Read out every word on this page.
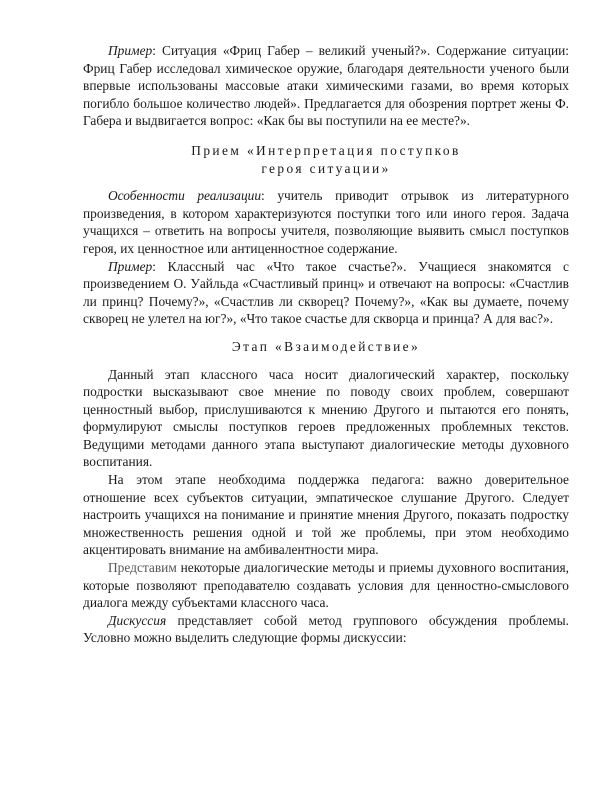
Пример: Ситуация «Фриц Габер – великий ученый?». Содержание ситуации: Фриц Габер исследовал химическое оружие, благодаря деятельности ученого были впервые использованы массовые атаки химическими газами, во время которых погибло большое количество людей». Предлагается для обозрения портрет жены Ф. Габера и выдвигается вопрос: «Как бы вы поступили на ее месте?».

Прием «Интерпретация поступков
героя ситуации»

Особенности реализации: учитель приводит отрывок из литературного произведения, в котором характеризуются поступки того или иного героя. Задача учащихся – ответить на вопросы учителя, позволяющие выявить смысл поступков героя, их ценностное или антиценностное содержание.

Пример: Классный час «Что такое счастье?». Учащиеся знакомятся с произведением О. Уайльда «Счастливый принц» и отвечают на вопросы: «Счастлив ли принц? Почему?», «Счастлив ли скворец? Почему?», «Как вы думаете, почему скворец не улетел на юг?», «Что такое счастье для скворца и принца? А для вас?».

Этап «Взаимодействие»

Данный этап классного часа носит диалогический характер, поскольку подростки высказывают свое мнение по поводу своих проблем, совершают ценностный выбор, прислушиваются к мнению Другого и пытаются его понять, формулируют смыслы поступков героев предложенных проблемных текстов. Ведущими методами данного этапа выступают диалогические методы духовного воспитания.

На этом этапе необходима поддержка педагога: важно доверительное отношение всех субъектов ситуации, эмпатическое слушание Другого. Следует настроить учащихся на понимание и принятие мнения Другого, показать подростку множественность решения одной и той же проблемы, при этом необходимо акцентировать внимание на амбивалентности мира.

Представим некоторые диалогические методы и приемы духовного воспитания, которые позволяют преподавателю создавать условия для ценностно-смыслового диалога между субъектами классного часа.

Дискуссия представляет собой метод группового обсуждения проблемы. Условно можно выделить следующие формы дискуссии:
